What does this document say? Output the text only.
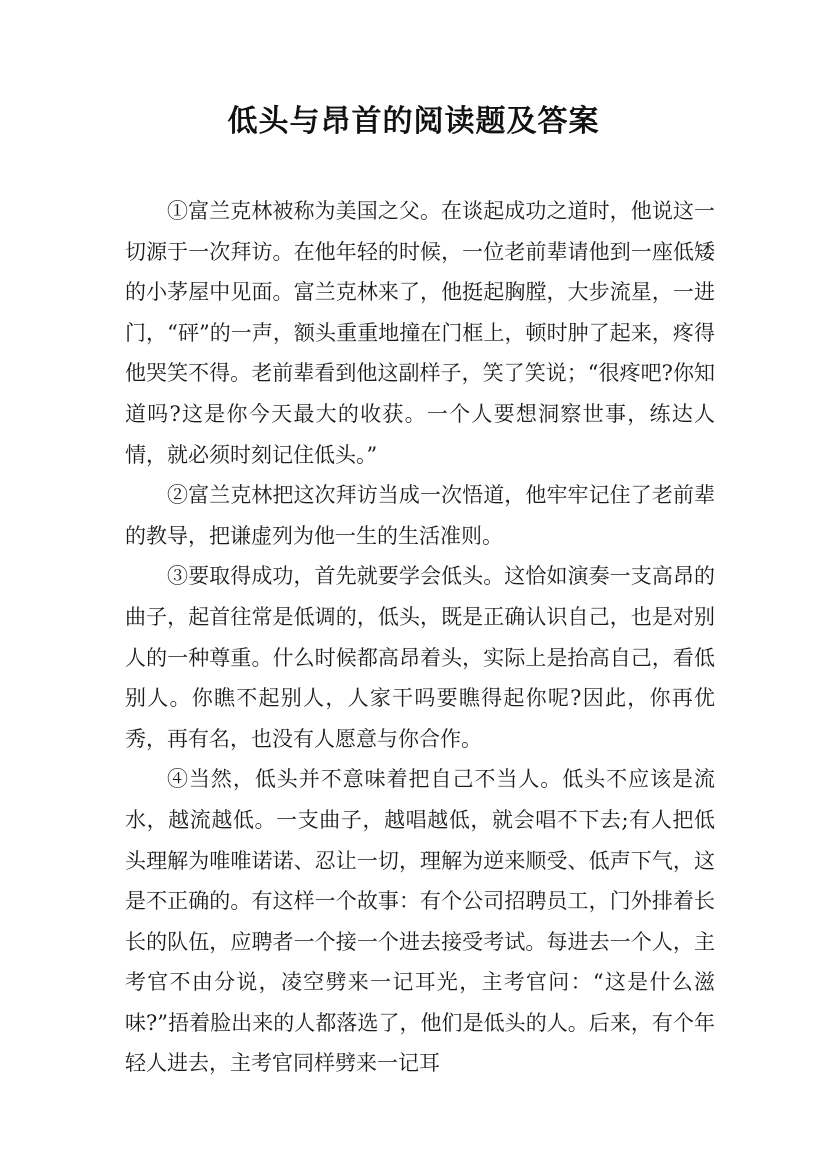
低头与昂首的阅读题及答案

①富兰克林被称为美国之父。在谈起成功之道时，他说这一切源于一次拜访。在他年轻的时候，一位老前辈请他到一座低矮的小茅屋中见面。富兰克林来了，他挺起胸膛，大步流星，一进门，“砰”的一声，额头重重地撞在门框上，顿时肿了起来，疼得他哭笑不得。老前辈看到他这副样子，笑了笑说；“很疼吧?你知道吗?这是你今天最大的收获。一个人要想洞察世事，练达人情，就必须时刻记住低头。”

②富兰克林把这次拜访当成一次悟道，他牢牢记住了老前辈的教导，把谦虚列为他一生的生活准则。

③要取得成功，首先就要学会低头。这恰如演奏一支高昂的曲子，起首往常是低调的，低头，既是正确认识自己，也是对别人的一种尊重。什么时候都高昂着头，实际上是抬高自己，看低别人。你瞧不起别人，人家干吗要瞧得起你呢?因此，你再优秀，再有名，也没有人愿意与你合作。

④当然，低头并不意味着把自己不当人。低头不应该是流水，越流越低。一支曲子，越唱越低，就会唱不下去;有人把低头理解为唯唯诺诺、忍让一切，理解为逆来顺受、低声下气，这是不正确的。有这样一个故事：有个公司招聘员工，门外排着长长的队伍，应聘者一个接一个进去接受考试。每进去一个人，主考官不由分说，凌空劈来一记耳光，主考官问：“这是什么滋味?”捂着脸出来的人都落选了，他们是低头的人。后来，有个年轻人进去，主考官同样劈来一记耳
